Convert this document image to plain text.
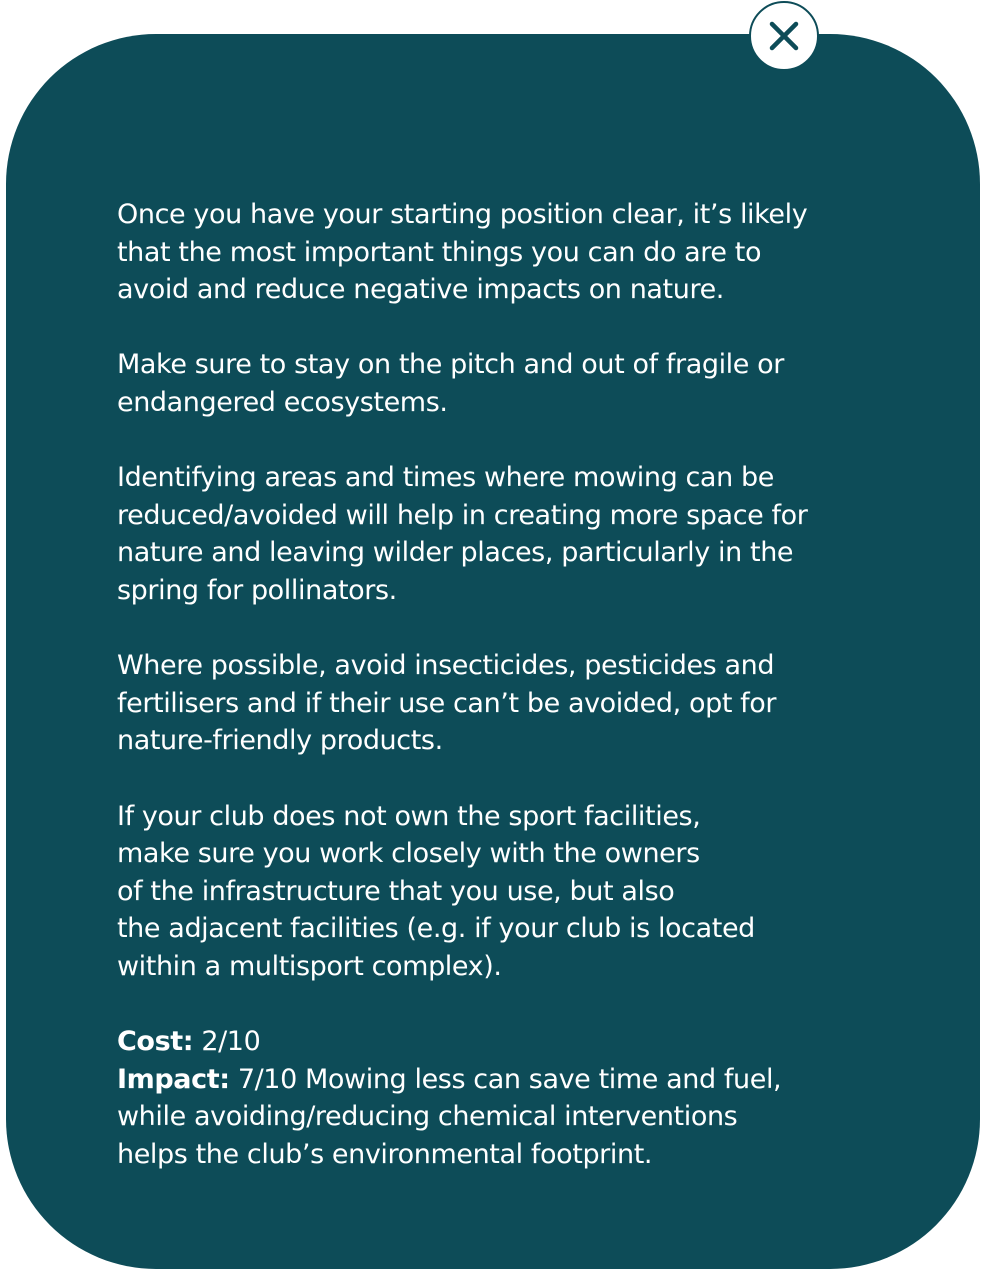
Once you have your starting position clear, it’s likely
that the most important things you can do are to
avoid and reduce negative impacts on nature.

Make sure to stay on the pitch and out of fragile or
endangered ecosystems.

Identifying areas and times where mowing can be
reduced/avoided will help in creating more space for
nature and leaving wilder places, particularly in the
spring for pollinators.

Where possible, avoid insecticides, pesticides and
fertilisers and if their use can’t be avoided, opt for
nature-friendly products.

If your club does not own the sport facilities,
make sure you work closely with the owners
of the infrastructure that you use, but also
the adjacent facilities (e.g. if your club is located
within a multisport complex).

Cost: 2/10
Impact: 7/10 Mowing less can save time and fuel,
while avoiding/reducing chemical interventions
helps the club’s environmental footprint.
